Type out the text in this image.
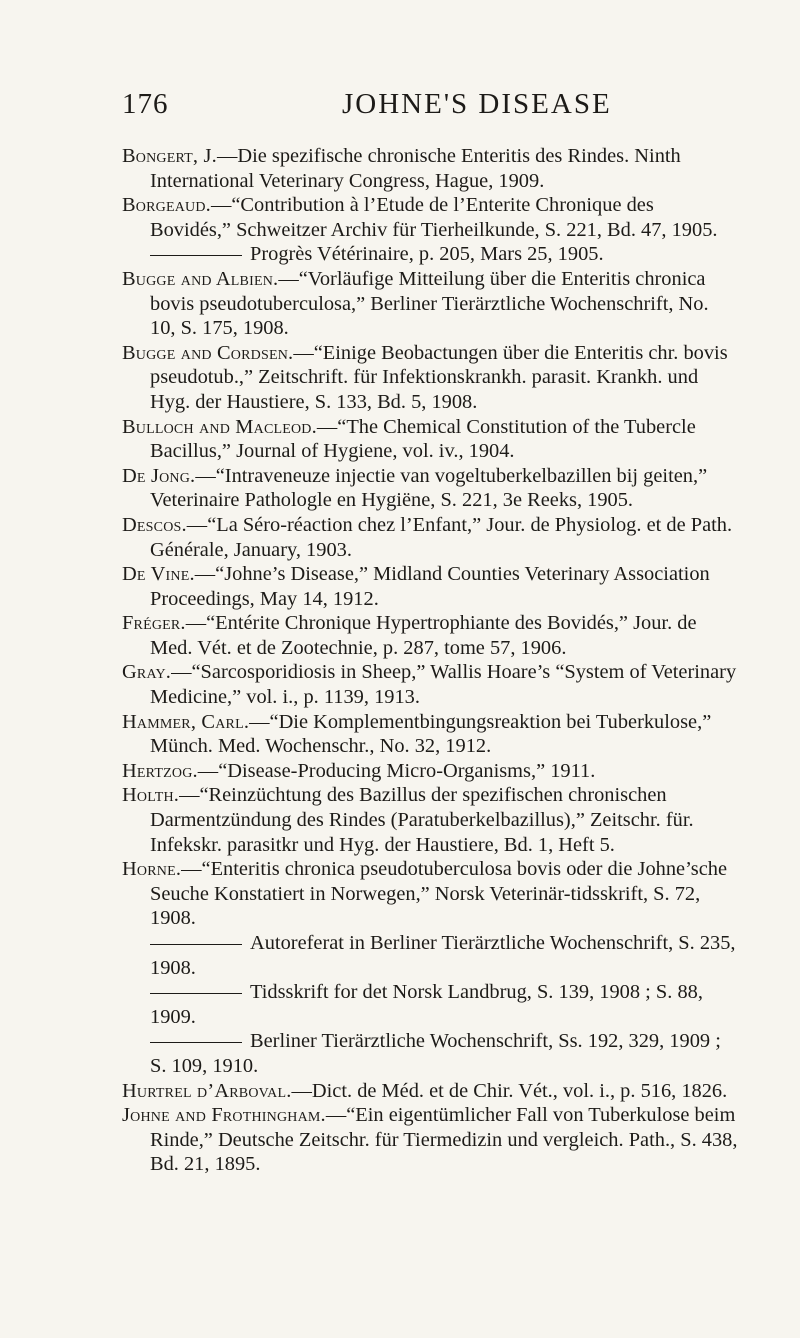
176	JOHNE'S DISEASE

Bongert, J.—Die spezifische chronische Enteritis des Rindes. Ninth International Veterinary Congress, Hague, 1909.

Borgeaud.—“Contribution à l’Etude de l’Enterite Chronique des Bovidés,” Schweitzer Archiv für Tierheilkunde, S. 221, Bd. 47, 1905.

Progrès Vétérinaire, p. 205, Mars 25, 1905.

Bugge and Albien.—“Vorläufige Mitteilung über die Enteritis chronica bovis pseudotuberculosa,” Berliner Tierärztliche Wochenschrift, No. 10, S. 175, 1908.

Bugge and Cordsen.—“Einige Beobactungen über die Enteritis chr. bovis pseudotub.,” Zeitschrift. für Infektionskrankh. parasit. Krankh. und Hyg. der Haustiere, S. 133, Bd. 5, 1908.

Bulloch and Macleod.—“The Chemical Constitution of the Tubercle Bacillus,” Journal of Hygiene, vol. iv., 1904.

De Jong.—“Intraveneuze injectie van vogeltuberkelbazillen bij geiten,” Veterinaire Pathologle en Hygiëne, S. 221, 3e Reeks, 1905.

Descos.—“La Séro-réaction chez l’Enfant,” Jour. de Physiolog. et de Path. Générale, January, 1903.

De Vine.—“Johne’s Disease,” Midland Counties Veterinary Association Proceedings, May 14, 1912.

Fréger.—“Entérite Chronique Hypertrophiante des Bovidés,” Jour. de Med. Vét. et de Zootechnie, p. 287, tome 57, 1906.

Gray.—“Sarcosporidiosis in Sheep,” Wallis Hoare’s “System of Veterinary Medicine,” vol. i., p. 1139, 1913.

Hammer, Carl.—“Die Komplementbingungsreaktion bei Tuberkulose,” Münch. Med. Wochenschr., No. 32, 1912.

Hertzog.—“Disease-Producing Micro-Organisms,” 1911.

Holth.—“Reinzüchtung des Bazillus der spezifischen chronischen Darmentzündung des Rindes (Paratuberkelbazillus),” Zeitschr. für. Infekskr. parasitkr und Hyg. der Haustiere, Bd. 1, Heft 5.

Horne.—“Enteritis chronica pseudotuberculosa bovis oder die Johne’sche Seuche Konstatiert in Norwegen,” Norsk Veterinär-tidsskrift, S. 72, 1908.

Autoreferat in Berliner Tierärztliche Wochenschrift, S. 235, 1908.

Tidsskrift for det Norsk Landbrug, S. 139, 1908 ; S. 88, 1909.

Berliner Tierärztliche Wochenschrift, Ss. 192, 329, 1909 ; S. 109, 1910.

Hurtrel d’Arboval.—Dict. de Méd. et de Chir. Vét., vol. i., p. 516, 1826.

Johne and Frothingham.—“Ein eigentümlicher Fall von Tuberkulose beim Rinde,” Deutsche Zeitschr. für Tiermedizin und vergleich. Path., S. 438, Bd. 21, 1895.
